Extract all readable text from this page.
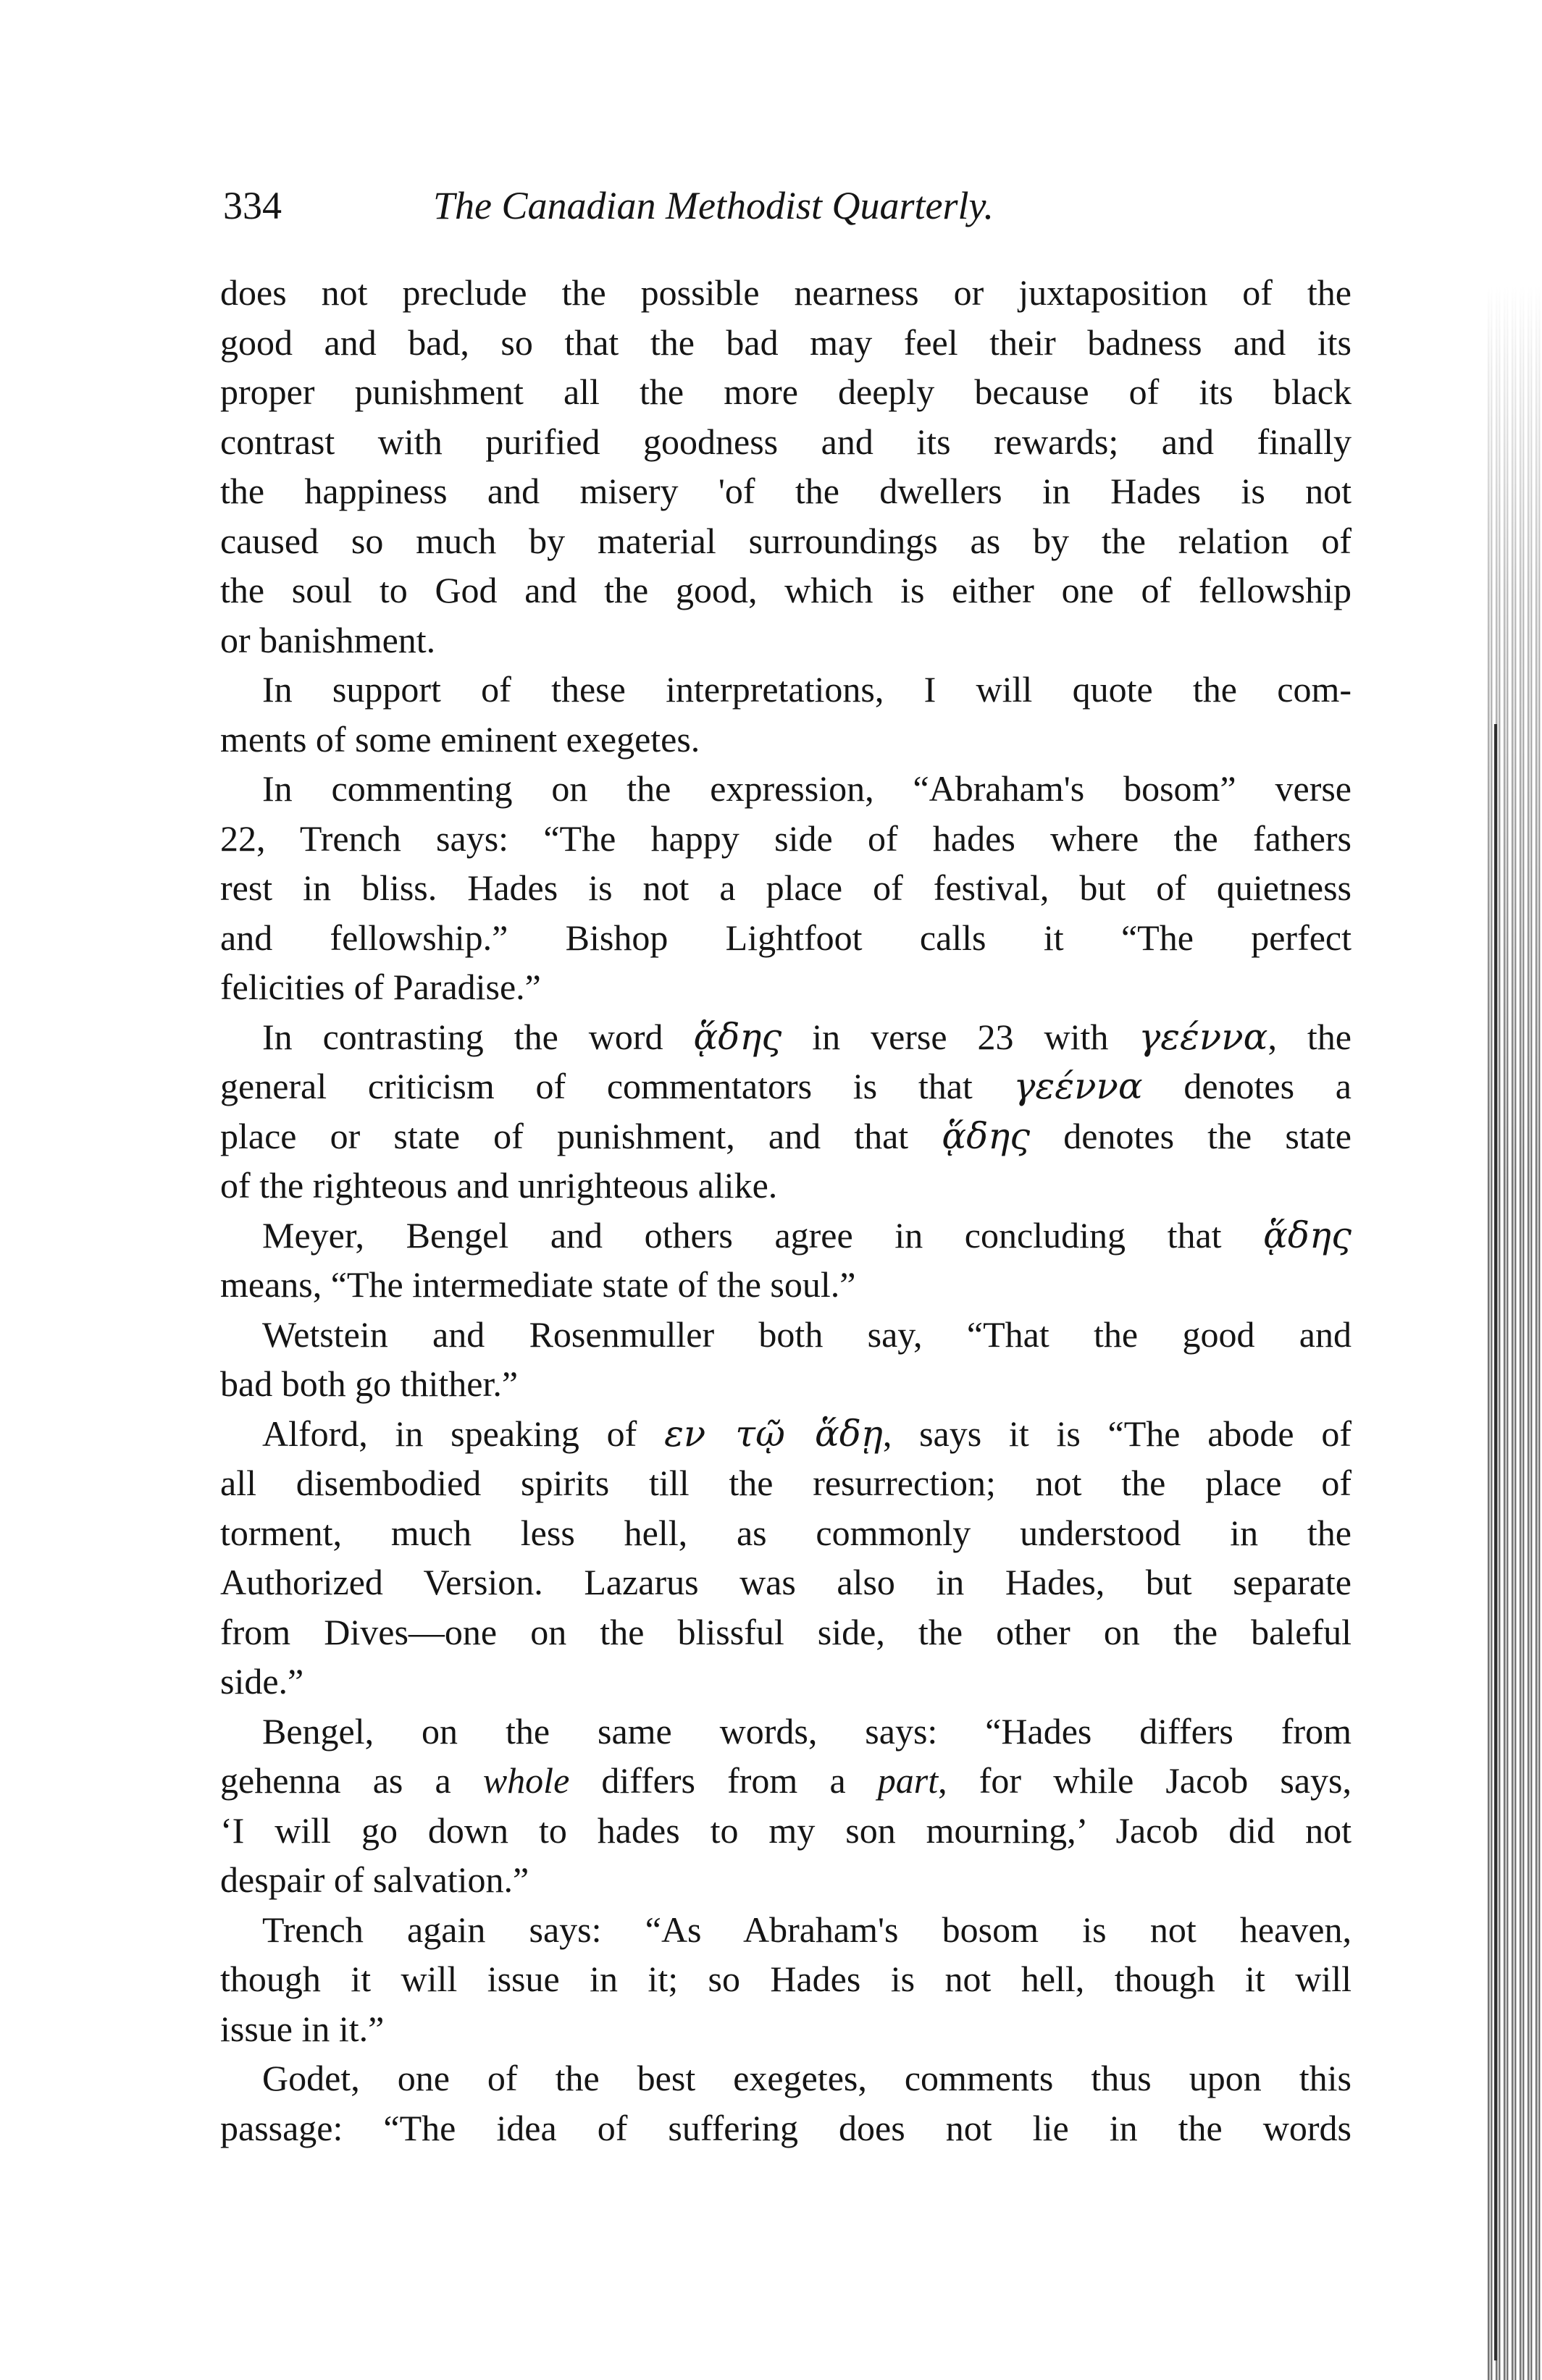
334	The Canadian Methodist Quarterly.
does not preclude the possible nearness or juxtaposition of the
good and bad, so that the bad may feel their badness and its
proper punishment all the more deeply because of its black
contrast with purified goodness and its rewards; and finally
the happiness and misery 'of the dwellers in Hades is not
caused so much by material surroundings as by the relation of
the soul to God and the good, which is either one of fellowship
or banishment.
In support of these interpretations, I will quote the com-
ments of some eminent exegetes.
In commenting on the expression, “Abraham's bosom” verse
22, Trench says: “The happy side of hades where the fathers
rest in bliss. Hades is not a place of festival, but of quietness
and fellowship.” Bishop Lightfoot calls it “The perfect
felicities of Paradise.”
In contrasting the word ᾅδης in verse 23 with γεέννα, the
general criticism of commentators is that γεέννα denotes a
place or state of punishment, and that ᾅδης denotes the state
of the righteous and unrighteous alike.
Meyer, Bengel and others agree in concluding that ᾅδης
means, “The intermediate state of the soul.”
Wetstein and Rosenmuller both say, “That the good and
bad both go thither.”
Alford, in speaking of εν τῷ ἅδῃ, says it is “The abode of
all disembodied spirits till the resurrection; not the place of
torment, much less hell, as commonly understood in the
Authorized Version. Lazarus was also in Hades, but separate
from Dives—one on the blissful side, the other on the baleful
side.”
Bengel, on the same words, says: “Hades differs from
gehenna as a whole differs from a part, for while Jacob says,
‘I will go down to hades to my son mourning,’ Jacob did not
despair of salvation.”
Trench again says: “As Abraham's bosom is not heaven,
though it will issue in it; so Hades is not hell, though it will
issue in it.”
Godet, one of the best exegetes, comments thus upon this
passage: “The idea of suffering does not lie in the words
